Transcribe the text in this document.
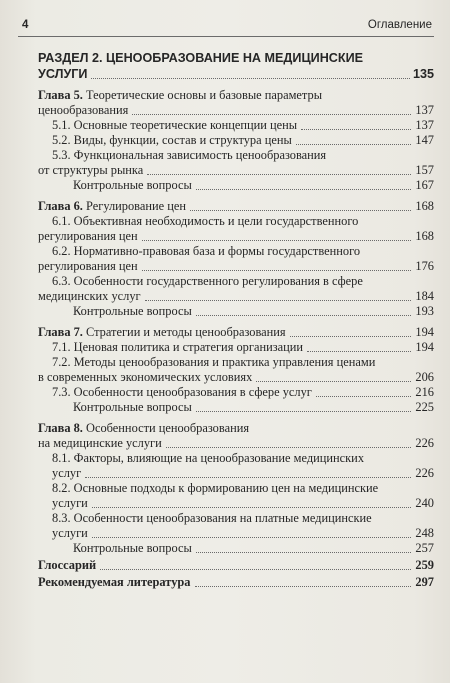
4	Оглавление
РАЗДЕЛ 2. ЦЕНООБРАЗОВАНИЕ НА МЕДИЦИНСКИЕ
УСЛУГИ	135
Глава 5. Теоретические основы и базовые параметры
ценообразования	137
5.1. Основные теоретические концепции цены	137
5.2. Виды, функции, состав и структура цены	147
5.3. Функциональная зависимость ценообразования
от структуры рынка	157
Контрольные вопросы	167
Глава 6. Регулирование цен	168
6.1. Объективная необходимость и цели государственного
регулирования цен	168
6.2. Нормативно-правовая база и формы государственного
регулирования цен	176
6.3. Особенности государственного регулирования в сфере
медицинских услуг	184
Контрольные вопросы	193
Глава 7. Стратегии и методы ценообразования	194
7.1. Ценовая политика и стратегия организации	194
7.2. Методы ценообразования и практика управления ценами
в современных экономических условиях	206
7.3. Особенности ценообразования в сфере услуг	216
Контрольные вопросы	225
Глава 8. Особенности ценообразования
на медицинские услуги	226
8.1. Факторы, влияющие на ценообразование медицинских
услуг	226
8.2. Основные подходы к формированию цен на медицинские
услуги	240
8.3. Особенности ценообразования на платные медицинские
услуги	248
Контрольные вопросы	257
Глоссарий	259
Рекомендуемая литература	297
